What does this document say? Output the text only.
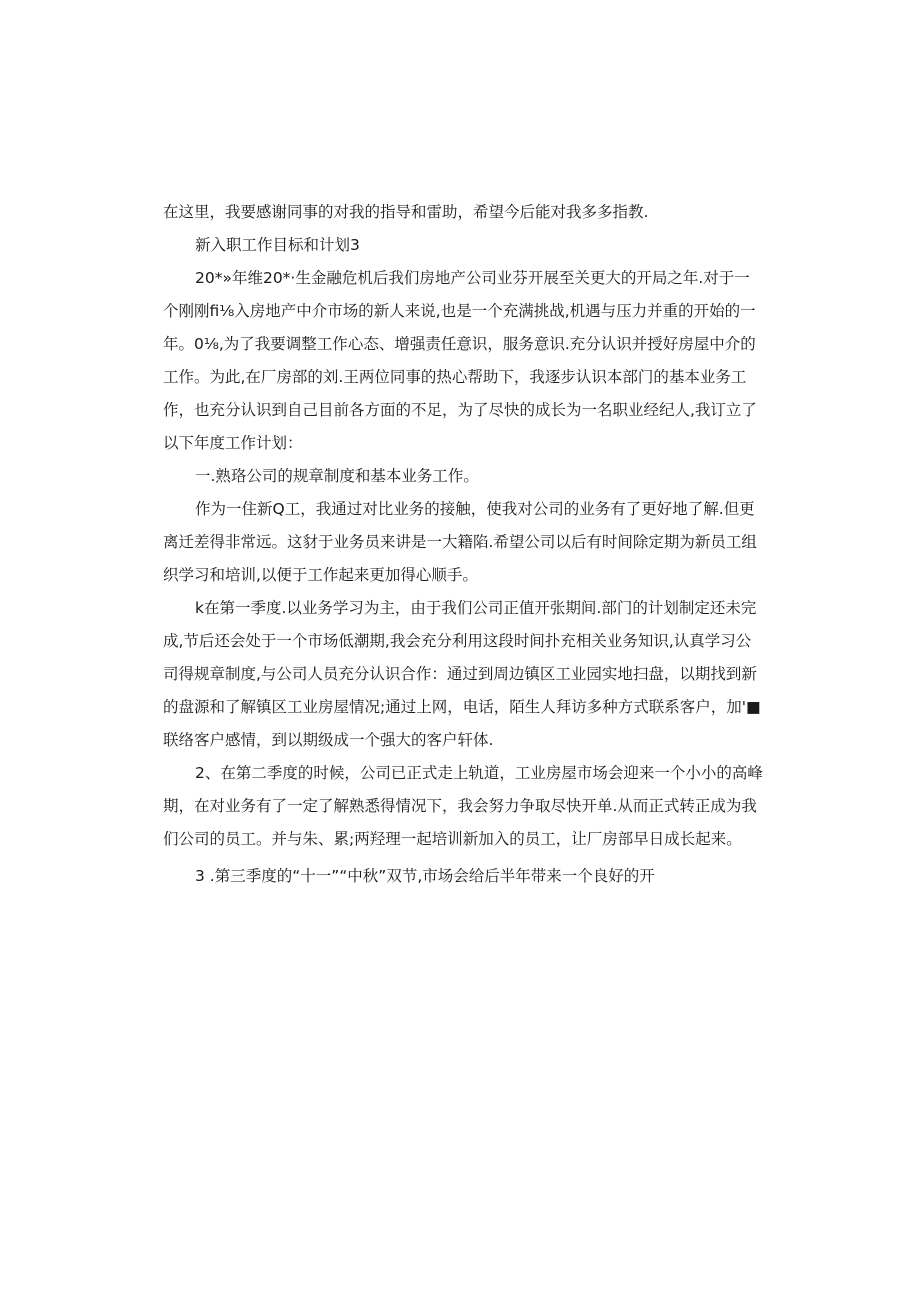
在这里，我要感谢同事的对我的指导和雷助，希望今后能对我多多指教.

新入职工作目标和计划3

20*»年维20*·生金融危机后我们房地产公司业芬开展至关更大的开局之年.对于一个刚刚fi⅛入房地产中介市场的新人来说,也是一个充满挑战,机遇与压力并重的开始的一年。0⅛,为了我要调整工作心态、增强责任意识，服务意识.充分认识并授好房屋中介的工作。为此,在厂房部的刘.王两位同事的热心帮助下，我逐步认识本部门的基本业务工作，也充分认识到自己目前各方面的不足，为了尽快的成长为一名职业经纪人,我订立了以下年度工作计划：

一.熟珞公司的规章制度和基本业务工作。

作为一住新Q工，我通过对比业务的接触，使我对公司的业务有了更好地了解.但更离迁差得非常远。这豺于业务员来讲是一大籍陷.希望公司以后有时间除定期为新员工组织学习和培训,以便于工作起来更加得心顺手。

k在第一季度.以业务学习为主，由于我们公司正值开张期间.部门的计划制定还未完成,节后还会处于一个市场低潮期,我会充分利用这段时间扑充相关业务知识,认真学习公司得规章制度,与公司人员充分认识合作：通过到周边镇区工业园实地扫盘，以期找到新的盘源和了解镇区工业房屋情况;通过上网，电话，陌生人拜访多种方式联系客户，加'■联络客户感情，到以期级成一个强大的客户轩体.

2、在第二季度的时候，公司已正式走上轨道，工业房屋市场会迎来一个小小的高峰期，在对业务有了一定了解熟悉得情况下，我会努力争取尽快开单.从而正式转正成为我们公司的员工。并与朱、累;两羟理一起培训新加入的员工，让厂房部早日成长起来。

3 .第三季度的“十一”“中秋”双节,市场会给后半年带来一个良好的开
